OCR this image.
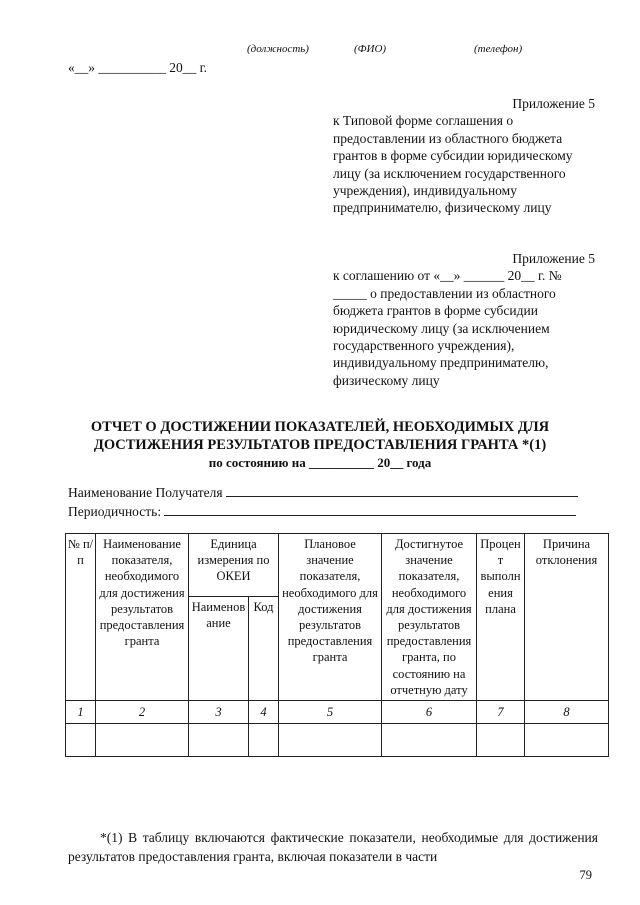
(должность)	(ФИО)	(телефон)
«__» __________ 20__ г.
Приложение 5
к Типовой форме соглашения о предоставлении из областного бюджета грантов в форме субсидии юридическому лицу (за исключением государственного учреждения), индивидуальному предпринимателю, физическому лицу
Приложение 5
к соглашению от «__» ______ 20__ г. № _____ о предоставлении из областного бюджета грантов в форме субсидии юридическому лицу (за исключением государственного учреждения), индивидуальному предпринимателю, физическому лицу
ОТЧЕТ О ДОСТИЖЕНИИ ПОКАЗАТЕЛЕЙ, НЕОБХОДИМЫХ ДЛЯ
ДОСТИЖЕНИЯ РЕЗУЛЬТАТОВ ПРЕДОСТАВЛЕНИЯ ГРАНТА *(1)
по состоянию на __________ 20__ года
Наименование Получателя
Периодичность:
№ п/п	Наименование показателя, необходимого для достижения результатов предоставления гранта	Единица измерения по ОКЕИ		Плановое значение показателя, необходимого для достижения результатов предоставления гранта	Достигнутое значение показателя, необходимого для достижения результатов предоставления гранта, по состоянию на отчетную дату	Процент выполнения плана	Причина отклонения
		Наименование	Код				
1	2	3	4	5	6	7	8

*(1) В таблицу включаются фактические показатели, необходимые для достижения результатов предоставления гранта, включая показатели в части
79
